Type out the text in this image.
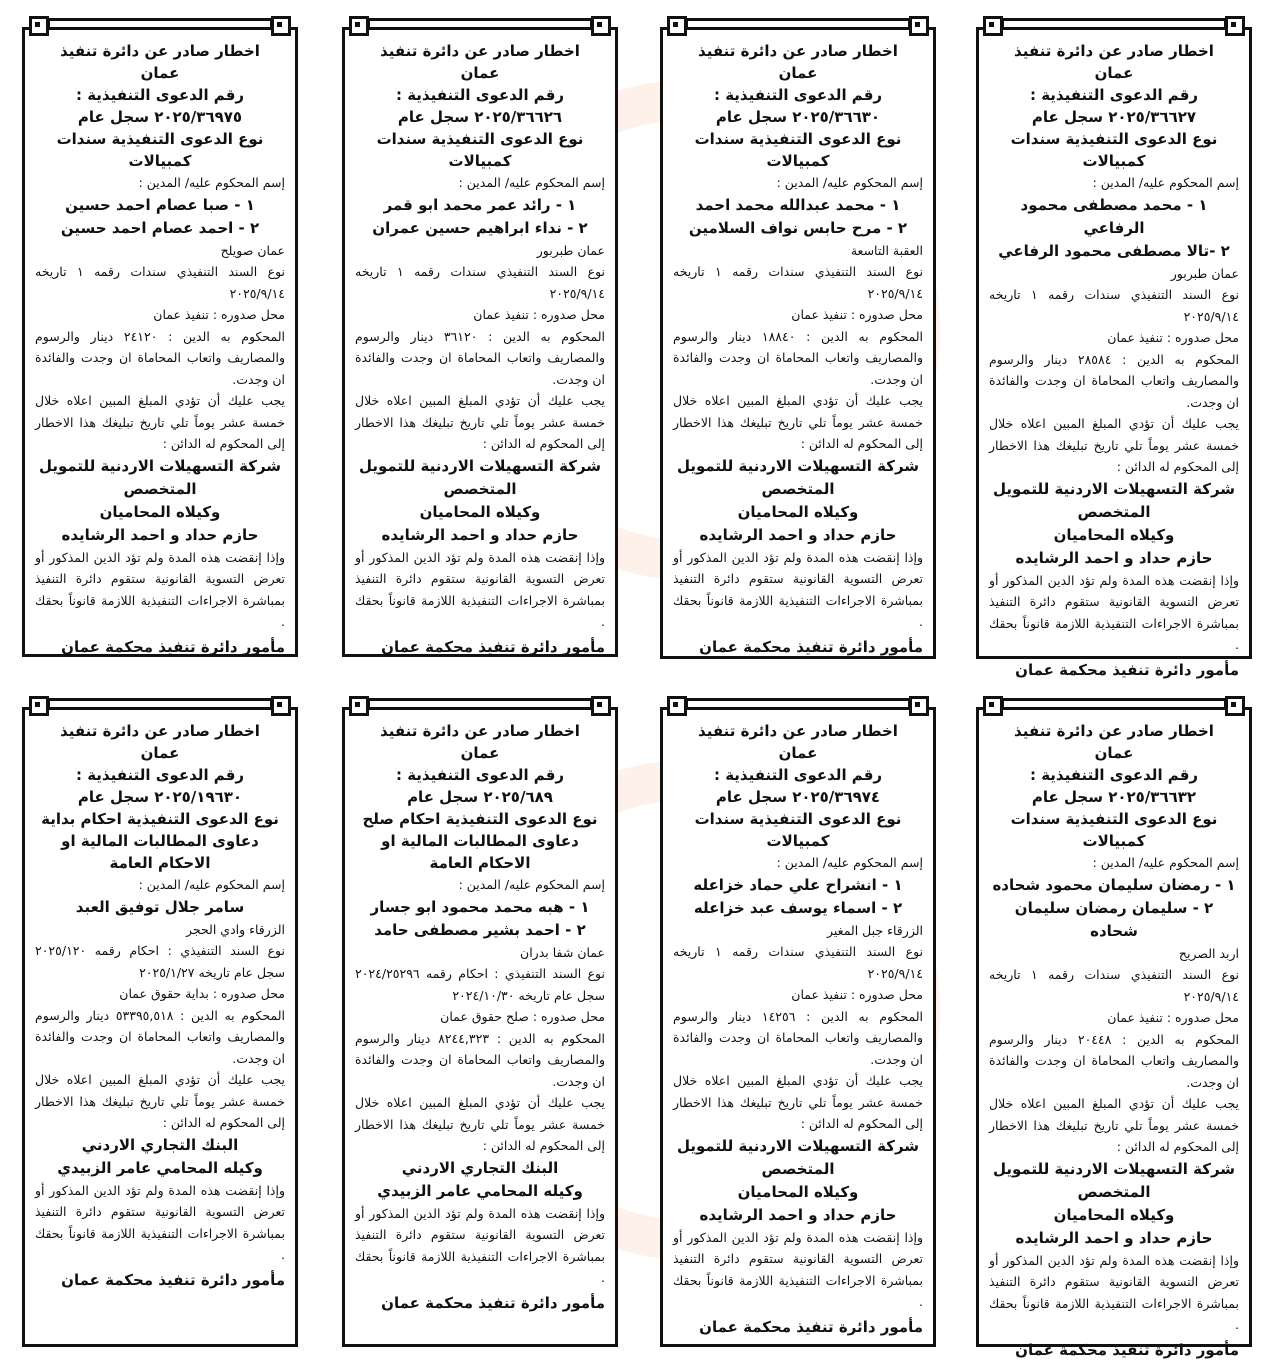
اخطار صادر عن دائرة تنفيذ
عمان
رقم الدعوى التنفيذية :
٢٠٢٥/٣٦٩٧٥ سجل عام
نوع الدعوى التنفيذية سندات كمبيالات
إسم المحكوم عليه/ المدين :
١ - صبا عصام احمد حسين
٢ - احمد عصام احمد حسين
عمان صويلح
نوع السند التنفيذي سندات رقمه ١ تاريخه ٢٠٢٥/٩/١٤
محل صدوره : تنفيذ عمان
المحكوم به الدين : ٢٤١٢٠ دينار والرسوم والمصاريف واتعاب المحاماة ان وجدت والفائدة ان وجدت.
يجب عليك أن تؤدي المبلغ المبين اعلاه خلال خمسة عشر يوماً تلي تاريخ تبليغك هذا الاخطار إلى المحكوم له الدائن :
شركة التسهيلات الاردنية للتمويل
المتخصص
وكيلاه المحاميان
حازم حداد و احمد الرشايده
وإذا إنقضت هذه المدة ولم تؤد الدين المذكور أو تعرض التسوية القانونية ستقوم دائرة التنفيذ بمباشرة الاجراءات التنفيذية اللازمة قانوناً بحقك .
مأمور دائرة تنفيذ محكمة عمان
اخطار صادر عن دائرة تنفيذ
عمان
رقم الدعوى التنفيذية :
٢٠٢٥/٣٦٦٢٦ سجل عام
نوع الدعوى التنفيذية سندات كمبيالات
إسم المحكوم عليه/ المدين :
١ - رائد عمر محمد ابو قمر
٢ - نداء ابراهيم حسين عمران
عمان طبربور
نوع السند التنفيذي سندات رقمه ١ تاريخه ٢٠٢٥/٩/١٤
محل صدوره : تنفيذ عمان
المحكوم به الدين : ٣٦١٢٠ دينار والرسوم والمصاريف واتعاب المحاماة ان وجدت والفائدة ان وجدت.
يجب عليك أن تؤدي المبلغ المبين اعلاه خلال خمسة عشر يوماً تلي تاريخ تبليغك هذا الاخطار إلى المحكوم له الدائن :
شركة التسهيلات الاردنية للتمويل
المتخصص
وكيلاه المحاميان
حازم حداد و احمد الرشايده
وإذا إنقضت هذه المدة ولم تؤد الدين المذكور أو تعرض التسوية القانونية ستقوم دائرة التنفيذ بمباشرة الاجراءات التنفيذية اللازمة قانوناً بحقك .
مأمور دائرة تنفيذ محكمة عمان
اخطار صادر عن دائرة تنفيذ
عمان
رقم الدعوى التنفيذية :
٢٠٢٥/٣٦٦٣٠ سجل عام
نوع الدعوى التنفيذية سندات كمبيالات
إسم المحكوم عليه/ المدين :
١ - محمد عبدالله محمد احمد
٢ - مرح حابس نواف السلامين
العقبة التاسعة
نوع السند التنفيذي سندات رقمه ١ تاريخه ٢٠٢٥/٩/١٤
محل صدوره : تنفيذ عمان
المحكوم به الدين : ١٨٨٤٠ دينار والرسوم والمصاريف واتعاب المحاماة ان وجدت والفائدة ان وجدت.
يجب عليك أن تؤدي المبلغ المبين اعلاه خلال خمسة عشر يوماً تلي تاريخ تبليغك هذا الاخطار إلى المحكوم له الدائن :
شركة التسهيلات الاردنية للتمويل
المتخصص
وكيلاه المحاميان
حازم حداد و احمد الرشايده
وإذا إنقضت هذه المدة ولم تؤد الدين المذكور أو تعرض التسوية القانونية ستقوم دائرة التنفيذ بمباشرة الاجراءات التنفيذية اللازمة قانوناً بحقك .
مأمور دائرة تنفيذ محكمة عمان
اخطار صادر عن دائرة تنفيذ
عمان
رقم الدعوى التنفيذية :
٢٠٢٥/٣٦٦٢٧ سجل عام
نوع الدعوى التنفيذية سندات كمبيالات
إسم المحكوم عليه/ المدين :
١ - محمد مصطفى محمود الرفاعي
٢ -تالا مصطفى محمود الرفاعي
عمان طبربور
نوع السند التنفيذي سندات رقمه ١ تاريخه ٢٠٢٥/٩/١٤
محل صدوره : تنفيذ عمان
المحكوم به الدين : ٢٨٥٨٤ دينار والرسوم والمصاريف واتعاب المحاماة ان وجدت والفائدة ان وجدت.
يجب عليك أن تؤدي المبلغ المبين اعلاه خلال خمسة عشر يوماً تلي تاريخ تبليغك هذا الاخطار إلى المحكوم له الدائن :
شركة التسهيلات الاردنية للتمويل
المتخصص
وكيلاه المحاميان
حازم حداد و احمد الرشايده
وإذا إنقضت هذه المدة ولم تؤد الدين المذكور أو تعرض التسوية القانونية ستقوم دائرة التنفيذ بمباشرة الاجراءات التنفيذية اللازمة قانوناً بحقك .
مأمور دائرة تنفيذ محكمة عمان
اخطار صادر عن دائرة تنفيذ
عمان
رقم الدعوى التنفيذية :
٢٠٢٥/١٩٦٣٠ سجل عام
نوع الدعوى التنفيذية احكام بداية دعاوى المطالبات المالية او الاحكام العامة
إسم المحكوم عليه/ المدين :
سامر جلال توفيق العبد
الزرقاء وادي الحجر
نوع السند التنفيذي : احكام رقمه ٢٠٢٥/١٢٠ سجل عام تاريخه ٢٠٢٥/١/٢٧
محل صدوره : بداية حقوق عمان
المحكوم به الدين : ٥٣٣٩٥,٥١٨ دينار والرسوم والمصاريف واتعاب المحاماة ان وجدت والفائدة ان وجدت.
يجب عليك أن تؤدي المبلغ المبين اعلاه خلال خمسة عشر يوماً تلي تاريخ تبليغك هذا الاخطار إلى المحكوم له الدائن :
البنك التجاري الاردني
وكيله المحامي عامر الزبيدي
وإذا إنقضت هذه المدة ولم تؤد الدين المذكور أو تعرض التسوية القانونية ستقوم دائرة التنفيذ بمباشرة الاجراءات التنفيذية اللازمة قانوناً بحقك .
مأمور دائرة تنفيذ محكمة عمان
اخطار صادر عن دائرة تنفيذ
عمان
رقم الدعوى التنفيذية :
٢٠٢٥/٦٨٩ سجل عام
نوع الدعوى التنفيذية احكام صلح دعاوى المطالبات المالية او الاحكام العامة
إسم المحكوم عليه/ المدين :
١ - هبه محمد محمود ابو جسار
٢ - احمد بشير مصطفى حامد
عمان شفا بدران
نوع السند التنفيذي : احكام رقمه ٢٠٢٤/٢٥٢٩٦ سجل عام تاريخه ٢٠٢٤/١٠/٣٠
محل صدوره : صلح حقوق عمان
المحكوم به الدين : ٨٢٤٤,٣٢٣ دينار والرسوم والمصاريف واتعاب المحاماة ان وجدت والفائدة ان وجدت.
يجب عليك أن تؤدي المبلغ المبين اعلاه خلال خمسة عشر يوماً تلي تاريخ تبليغك هذا الاخطار إلى المحكوم له الدائن :
البنك التجاري الاردني
وكيله المحامي عامر الزبيدي
وإذا إنقضت هذه المدة ولم تؤد الدين المذكور أو تعرض التسوية القانونية ستقوم دائرة التنفيذ بمباشرة الاجراءات التنفيذية اللازمة قانوناً بحقك .
مأمور دائرة تنفيذ محكمة عمان
اخطار صادر عن دائرة تنفيذ
عمان
رقم الدعوى التنفيذية :
٢٠٢٥/٣٦٩٧٤ سجل عام
نوع الدعوى التنفيذية سندات كمبيالات
إسم المحكوم عليه/ المدين :
١ - انشراح علي حماد خزاعله
٢ - اسماء يوسف عبد خزاعله
الزرقاء جبل المغير
نوع السند التنفيذي سندات رقمه ١ تاريخه ٢٠٢٥/٩/١٤
محل صدوره : تنفيذ عمان
المحكوم به الدين : ١٤٢٥٦ دينار والرسوم والمصاريف واتعاب المحاماة ان وجدت والفائدة ان وجدت.
يجب عليك أن تؤدي المبلغ المبين اعلاه خلال خمسة عشر يوماً تلي تاريخ تبليغك هذا الاخطار إلى المحكوم له الدائن :
شركة التسهيلات الاردنية للتمويل
المتخصص
وكيلاه المحاميان
حازم حداد و احمد الرشايده
وإذا إنقضت هذه المدة ولم تؤد الدين المذكور أو تعرض التسوية القانونية ستقوم دائرة التنفيذ بمباشرة الاجراءات التنفيذية اللازمة قانوناً بحقك .
مأمور دائرة تنفيذ محكمة عمان
اخطار صادر عن دائرة تنفيذ
عمان
رقم الدعوى التنفيذية :
٢٠٢٥/٣٦٦٣٢ سجل عام
نوع الدعوى التنفيذية سندات كمبيالات
إسم المحكوم عليه/ المدين :
١ - رمضان سليمان محمود شحاده
٢ - سليمان رمضان سليمان شحاده
اربد الصريح
نوع السند التنفيذي سندات رقمه ١ تاريخه ٢٠٢٥/٩/١٤
محل صدوره : تنفيذ عمان
المحكوم به الدين : ٢٠٤٤٨ دينار والرسوم والمصاريف واتعاب المحاماة ان وجدت والفائدة ان وجدت.
يجب عليك أن تؤدي المبلغ المبين اعلاه خلال خمسة عشر يوماً تلي تاريخ تبليغك هذا الاخطار إلى المحكوم له الدائن :
شركة التسهيلات الاردنية للتمويل
المتخصص
وكيلاه المحاميان
حازم حداد و احمد الرشايده
وإذا إنقضت هذه المدة ولم تؤد الدين المذكور أو تعرض التسوية القانونية ستقوم دائرة التنفيذ بمباشرة الاجراءات التنفيذية اللازمة قانوناً بحقك .
مأمور دائرة تنفيذ محكمة عمان
